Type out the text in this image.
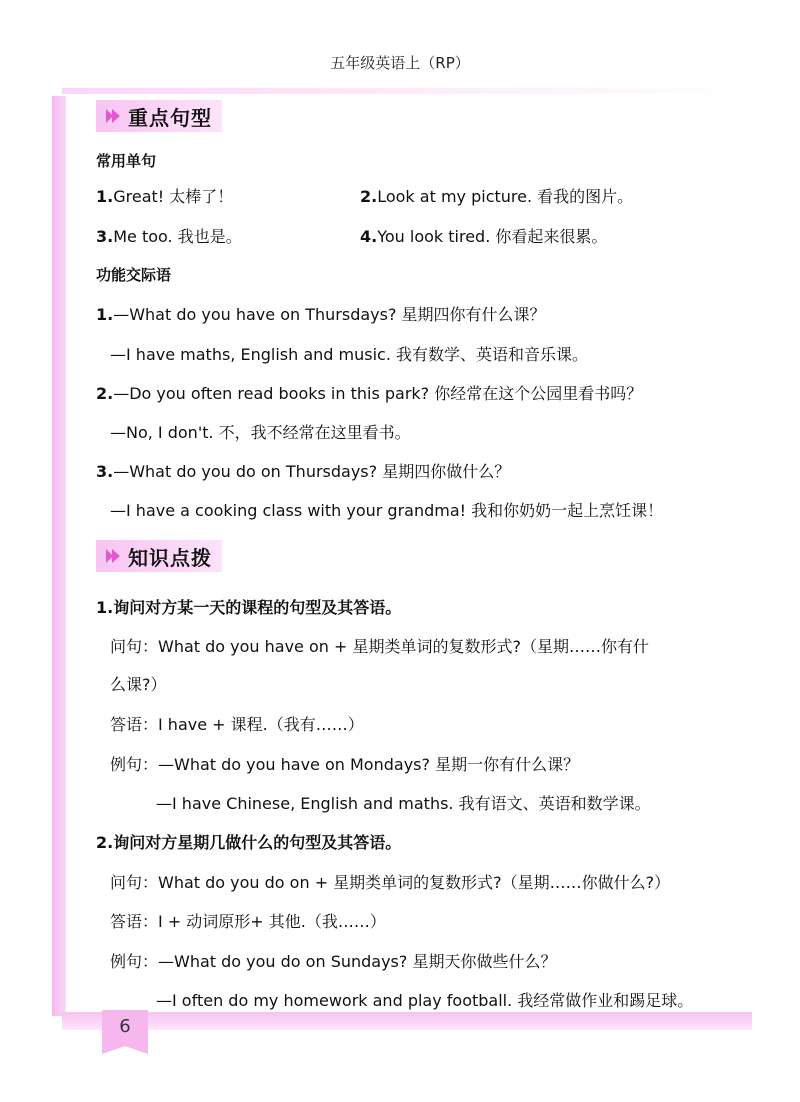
五年级英语上（RP）
重点句型
常用单句
1.Great! 太棒了！	2.Look at my picture. 看我的图片。
3.Me too. 我也是。	4.You look tired. 你看起来很累。
功能交际语
1.—What do you have on Thursdays? 星期四你有什么课？
—I have maths, English and music. 我有数学、英语和音乐课。
2.—Do you often read books in this park? 你经常在这个公园里看书吗？
—No, I don't. 不，我不经常在这里看书。
3.—What do you do on Thursdays? 星期四你做什么？
—I have a cooking class with your grandma! 我和你奶奶一起上烹饪课！
知识点拨
1.询问对方某一天的课程的句型及其答语。
问句：What do you have on + 星期类单词的复数形式?（星期……你有什
么课?）
答语：I have + 课程.（我有……）
例句：—What do you have on Mondays? 星期一你有什么课？
—I have Chinese, English and maths. 我有语文、英语和数学课。
2.询问对方星期几做什么的句型及其答语。
问句：What do you do on + 星期类单词的复数形式?（星期……你做什么?）
答语：I + 动词原形+ 其他.（我……）
例句：—What do you do on Sundays? 星期天你做些什么？
—I often do my homework and play football. 我经常做作业和踢足球。
6
